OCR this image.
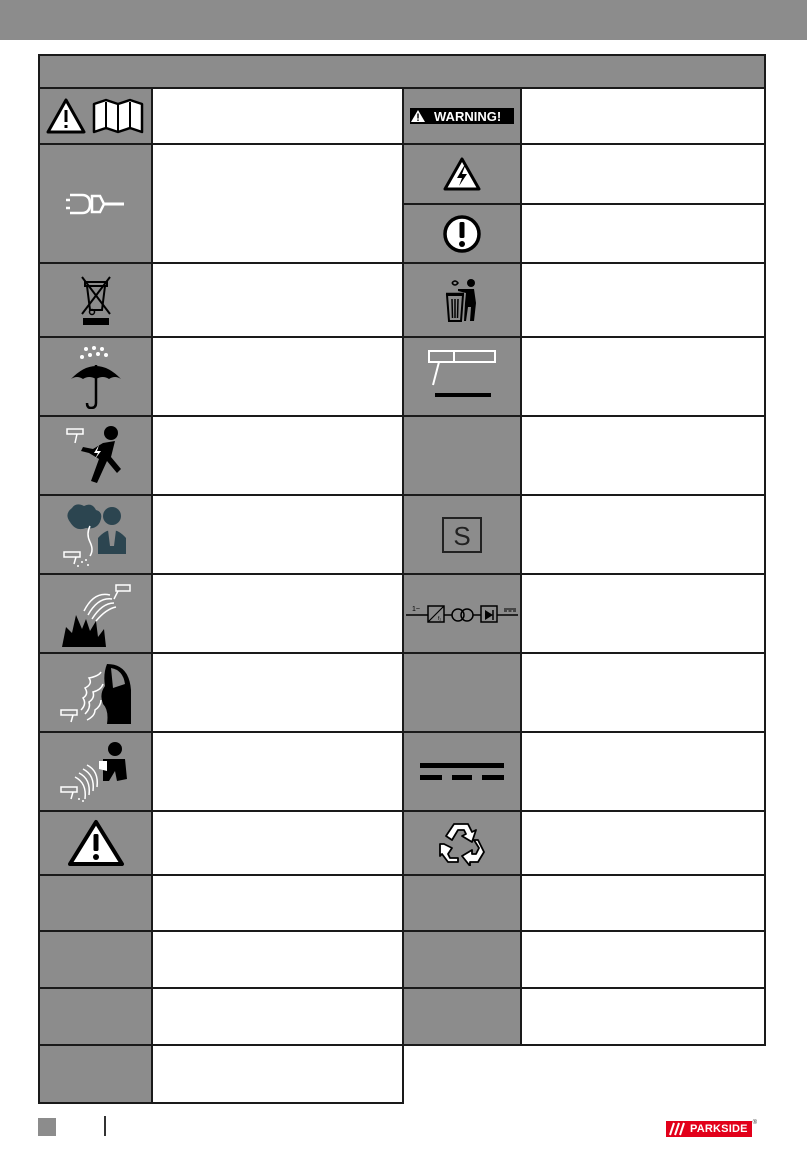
WARNING!
S
1~
f₂
PARKSIDE ®
